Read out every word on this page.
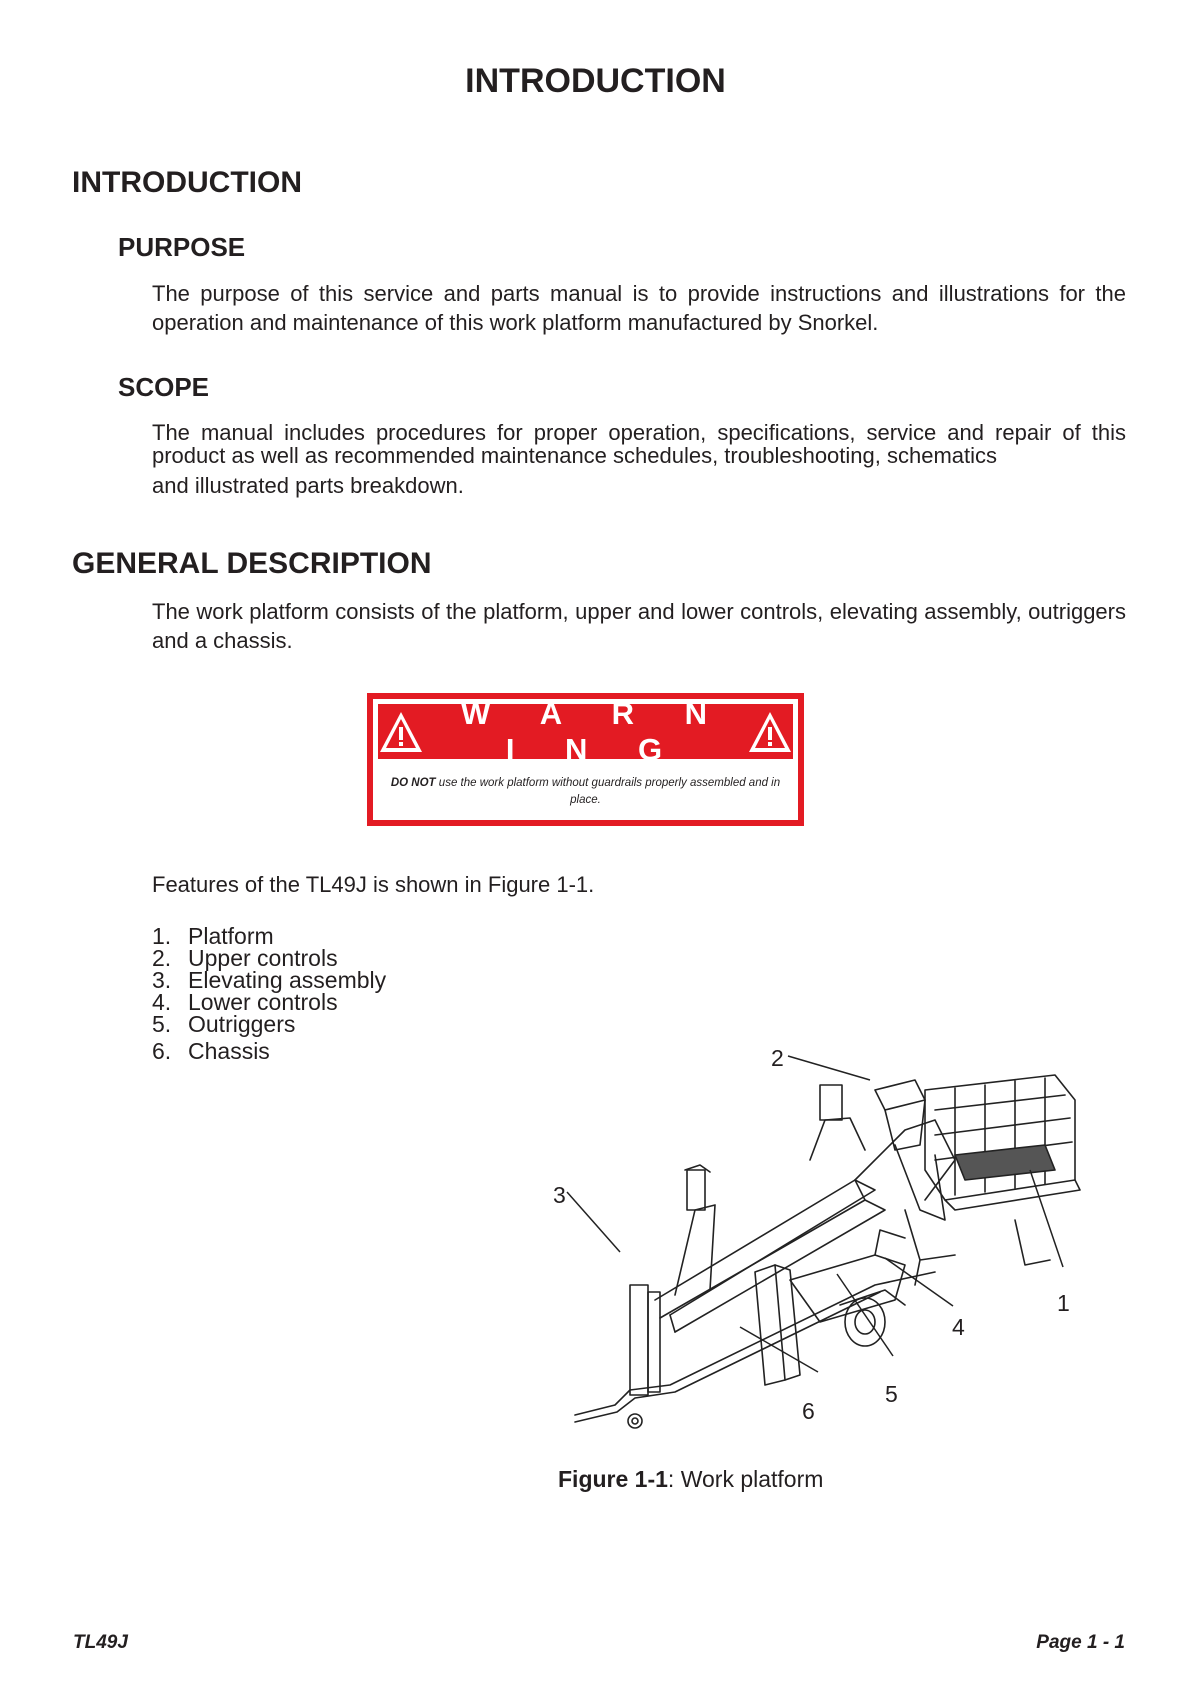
INTRODUCTION
INTRODUCTION
PURPOSE
The purpose of this service and parts manual is to provide instructions and illustrations for the operation and maintenance of this work platform manufactured by Snorkel.
SCOPE
The manual includes procedures for proper operation, specifications, service and repair of this product as well as recommended maintenance schedules, troubleshooting, schematics
and illustrated parts breakdown.
GENERAL DESCRIPTION
The work platform consists of the platform, upper and lower controls, elevating assembly, outriggers and a chassis.
W A R N I N G
DO NOT use the work platform without guardrails properly assembled and in place.
Features of the TL49J is shown in Figure 1-1.
1. Platform
2. Upper controls
3. Elevating assembly
4. Lower controls
5. Outriggers
6. Chassis
1
2
3
4
5
6
Figure 1-1: Work platform
TL49J	Page 1 - 1
